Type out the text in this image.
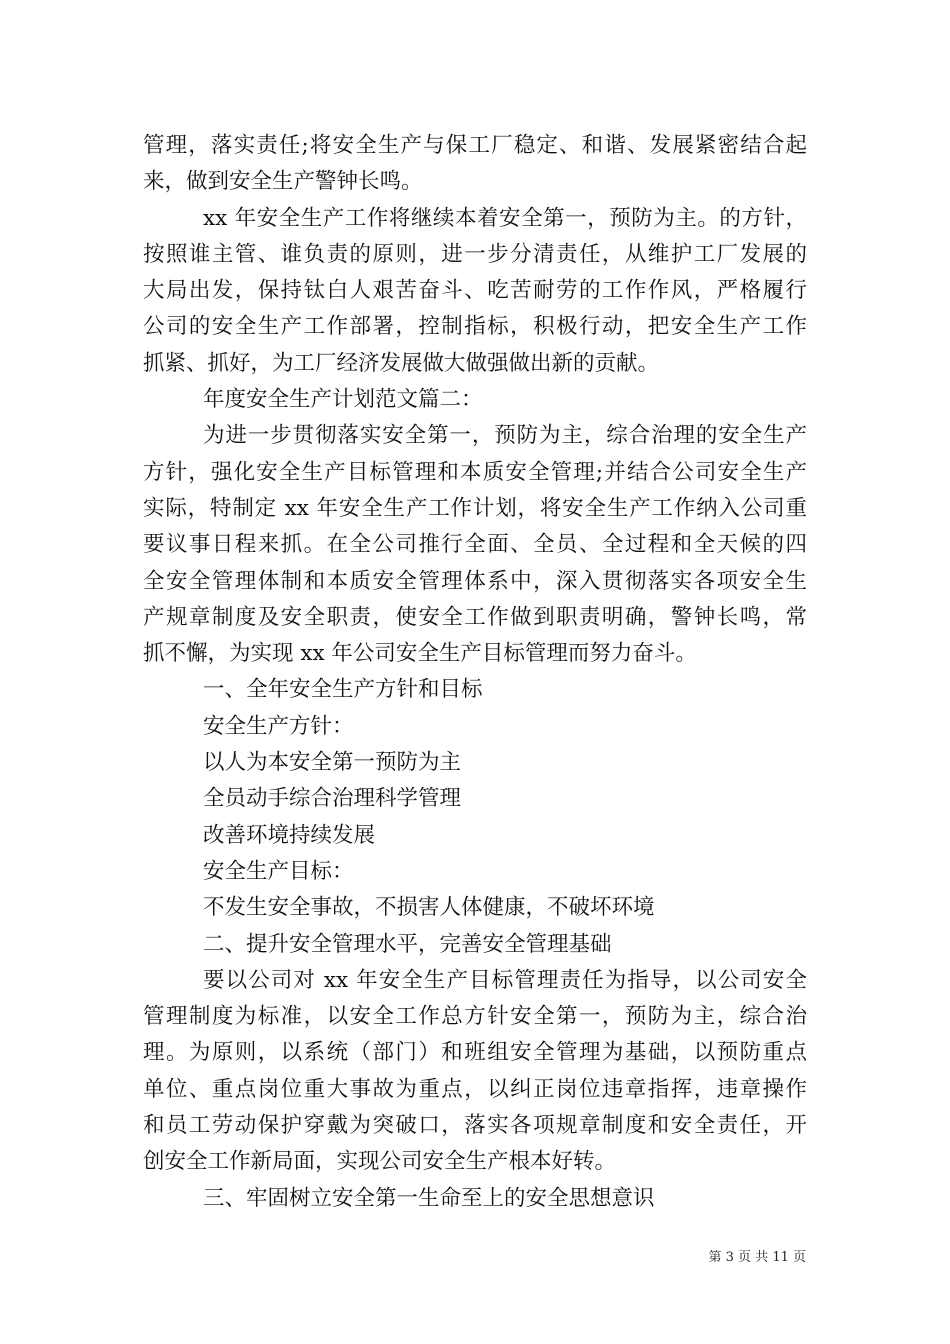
管理，落实责任;将安全生产与保工厂稳定、和谐、发展紧密结合起
来，做到安全生产警钟长鸣。
xx 年安全生产工作将继续本着安全第一，预防为主。的方针，
按照谁主管、谁负责的原则，进一步分清责任，从维护工厂发展的
大局出发，保持钛白人艰苦奋斗、吃苦耐劳的工作作风，严格履行
公司的安全生产工作部署，控制指标，积极行动，把安全生产工作
抓紧、抓好，为工厂经济发展做大做强做出新的贡献。
年度安全生产计划范文篇二：
为进一步贯彻落实安全第一，预防为主，综合治理的安全生产
方针，强化安全生产目标管理和本质安全管理;并结合公司安全生产
实际，特制定 xx 年安全生产工作计划，将安全生产工作纳入公司重
要议事日程来抓。在全公司推行全面、全员、全过程和全天候的四
全安全管理体制和本质安全管理体系中，深入贯彻落实各项安全生
产规章制度及安全职责，使安全工作做到职责明确，警钟长鸣，常
抓不懈，为实现 xx 年公司安全生产目标管理而努力奋斗。
一、全年安全生产方针和目标
安全生产方针：
以人为本安全第一预防为主
全员动手综合治理科学管理
改善环境持续发展
安全生产目标：
不发生安全事故，不损害人体健康，不破坏环境
二、提升安全管理水平，完善安全管理基础
要以公司对 xx 年安全生产目标管理责任为指导，以公司安全
管理制度为标准，以安全工作总方针安全第一，预防为主，综合治
理。为原则，以系统（部门）和班组安全管理为基础，以预防重点
单位、重点岗位重大事故为重点，以纠正岗位违章指挥，违章操作
和员工劳动保护穿戴为突破口，落实各项规章制度和安全责任，开
创安全工作新局面，实现公司安全生产根本好转。
三、牢固树立安全第一生命至上的安全思想意识
第 3 页 共 11 页
